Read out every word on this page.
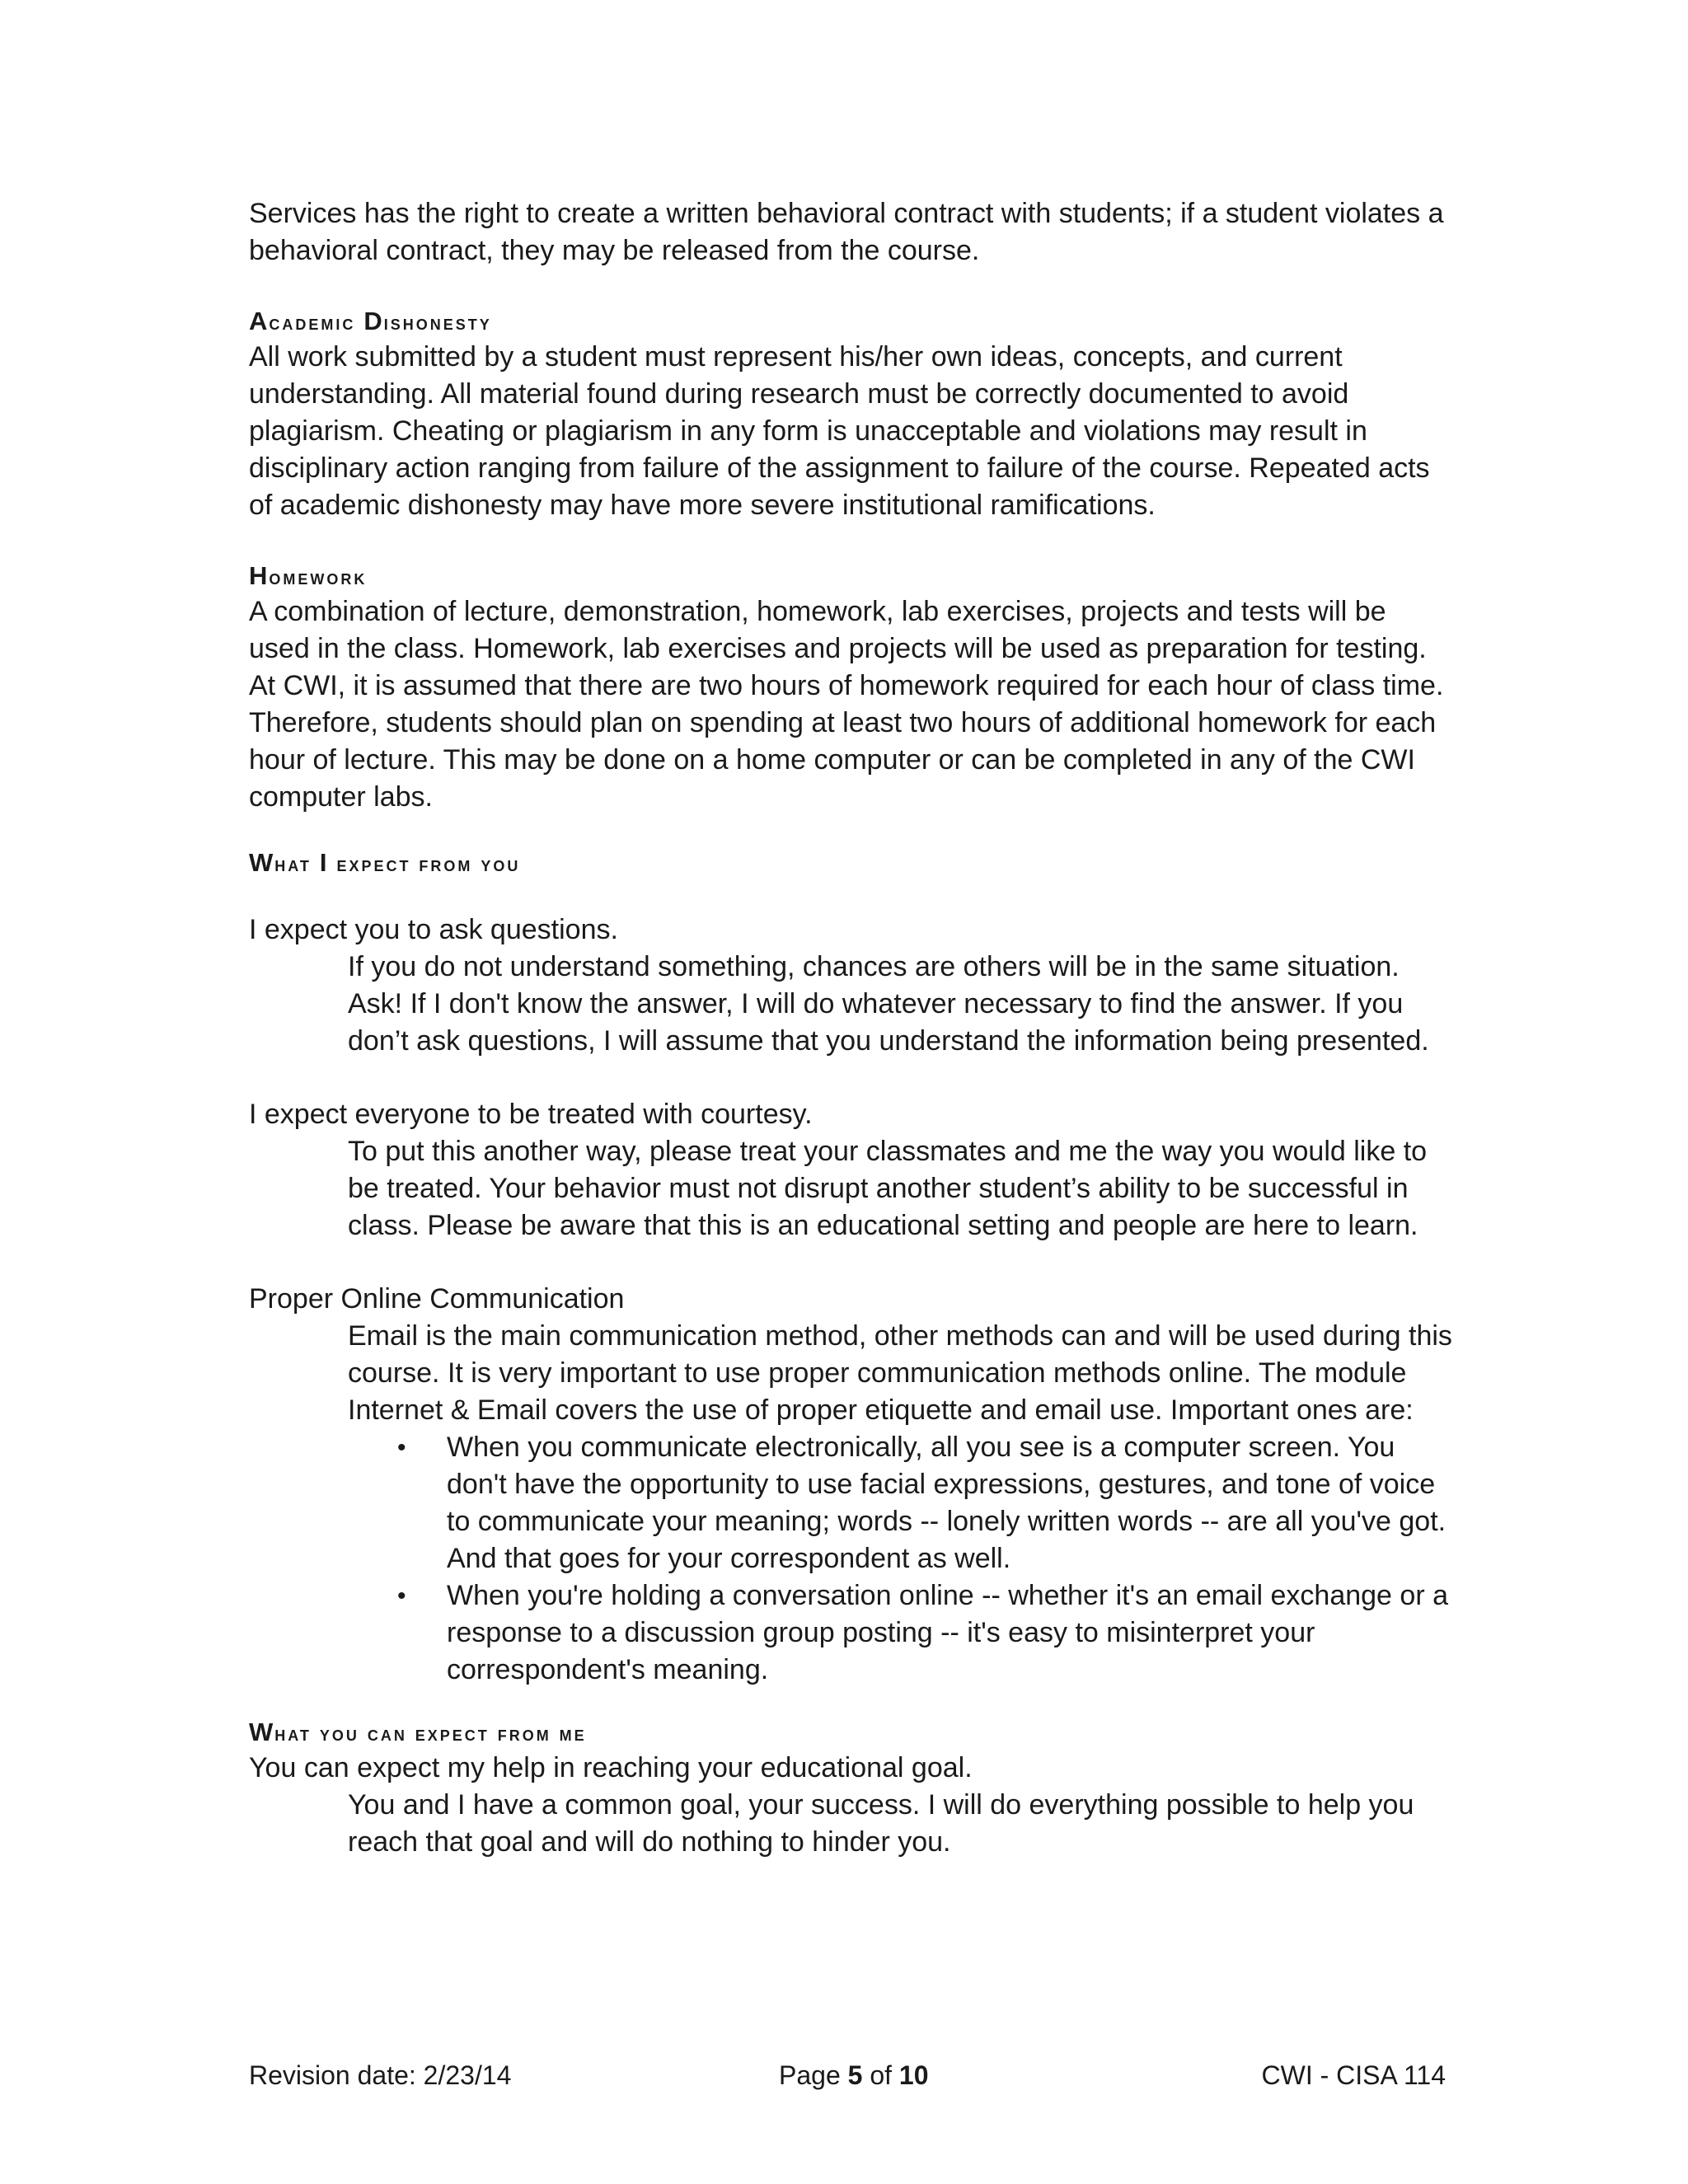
Services has the right to create a written behavioral contract with students; if a student violates a behavioral contract, they may be released from the course.

Academic Dishonesty

All work submitted by a student must represent his/her own ideas, concepts, and current understanding. All material found during research must be correctly documented to avoid plagiarism. Cheating or plagiarism in any form is unacceptable and violations may result in disciplinary action ranging from failure of the assignment to failure of the course. Repeated acts of academic dishonesty may have more severe institutional ramifications.

Homework

A combination of lecture, demonstration, homework, lab exercises, projects and tests will be used in the class. Homework, lab exercises and projects will be used as preparation for testing. At CWI, it is assumed that there are two hours of homework required for each hour of class time. Therefore, students should plan on spending at least two hours of additional homework for each hour of lecture. This may be done on a home computer or can be completed in any of the CWI computer labs.

What I expect from you

I expect you to ask questions.

If you do not understand something, chances are others will be in the same situation. Ask! If I don't know the answer, I will do whatever necessary to find the answer. If you don’t ask questions, I will assume that you understand the information being presented.

I expect everyone to be treated with courtesy.

To put this another way, please treat your classmates and me the way you would like to be treated. Your behavior must not disrupt another student’s ability to be successful in class. Please be aware that this is an educational setting and people are here to learn.

Proper Online Communication

Email is the main communication method, other methods can and will be used during this course. It is very important to use proper communication methods online. The module Internet & Email covers the use of proper etiquette and email use. Important ones are:

• When you communicate electronically, all you see is a computer screen. You don't have the opportunity to use facial expressions, gestures, and tone of voice to communicate your meaning; words -- lonely written words -- are all you've got. And that goes for your correspondent as well.
• When you're holding a conversation online -- whether it's an email exchange or a response to a discussion group posting -- it's easy to misinterpret your correspondent's meaning.
What you can expect from me

You can expect my help in reaching your educational goal.

You and I have a common goal, your success. I will do everything possible to help you reach that goal and will do nothing to hinder you.

Revision date: 2/23/14	Page 5 of 10	CWI - CISA 114
